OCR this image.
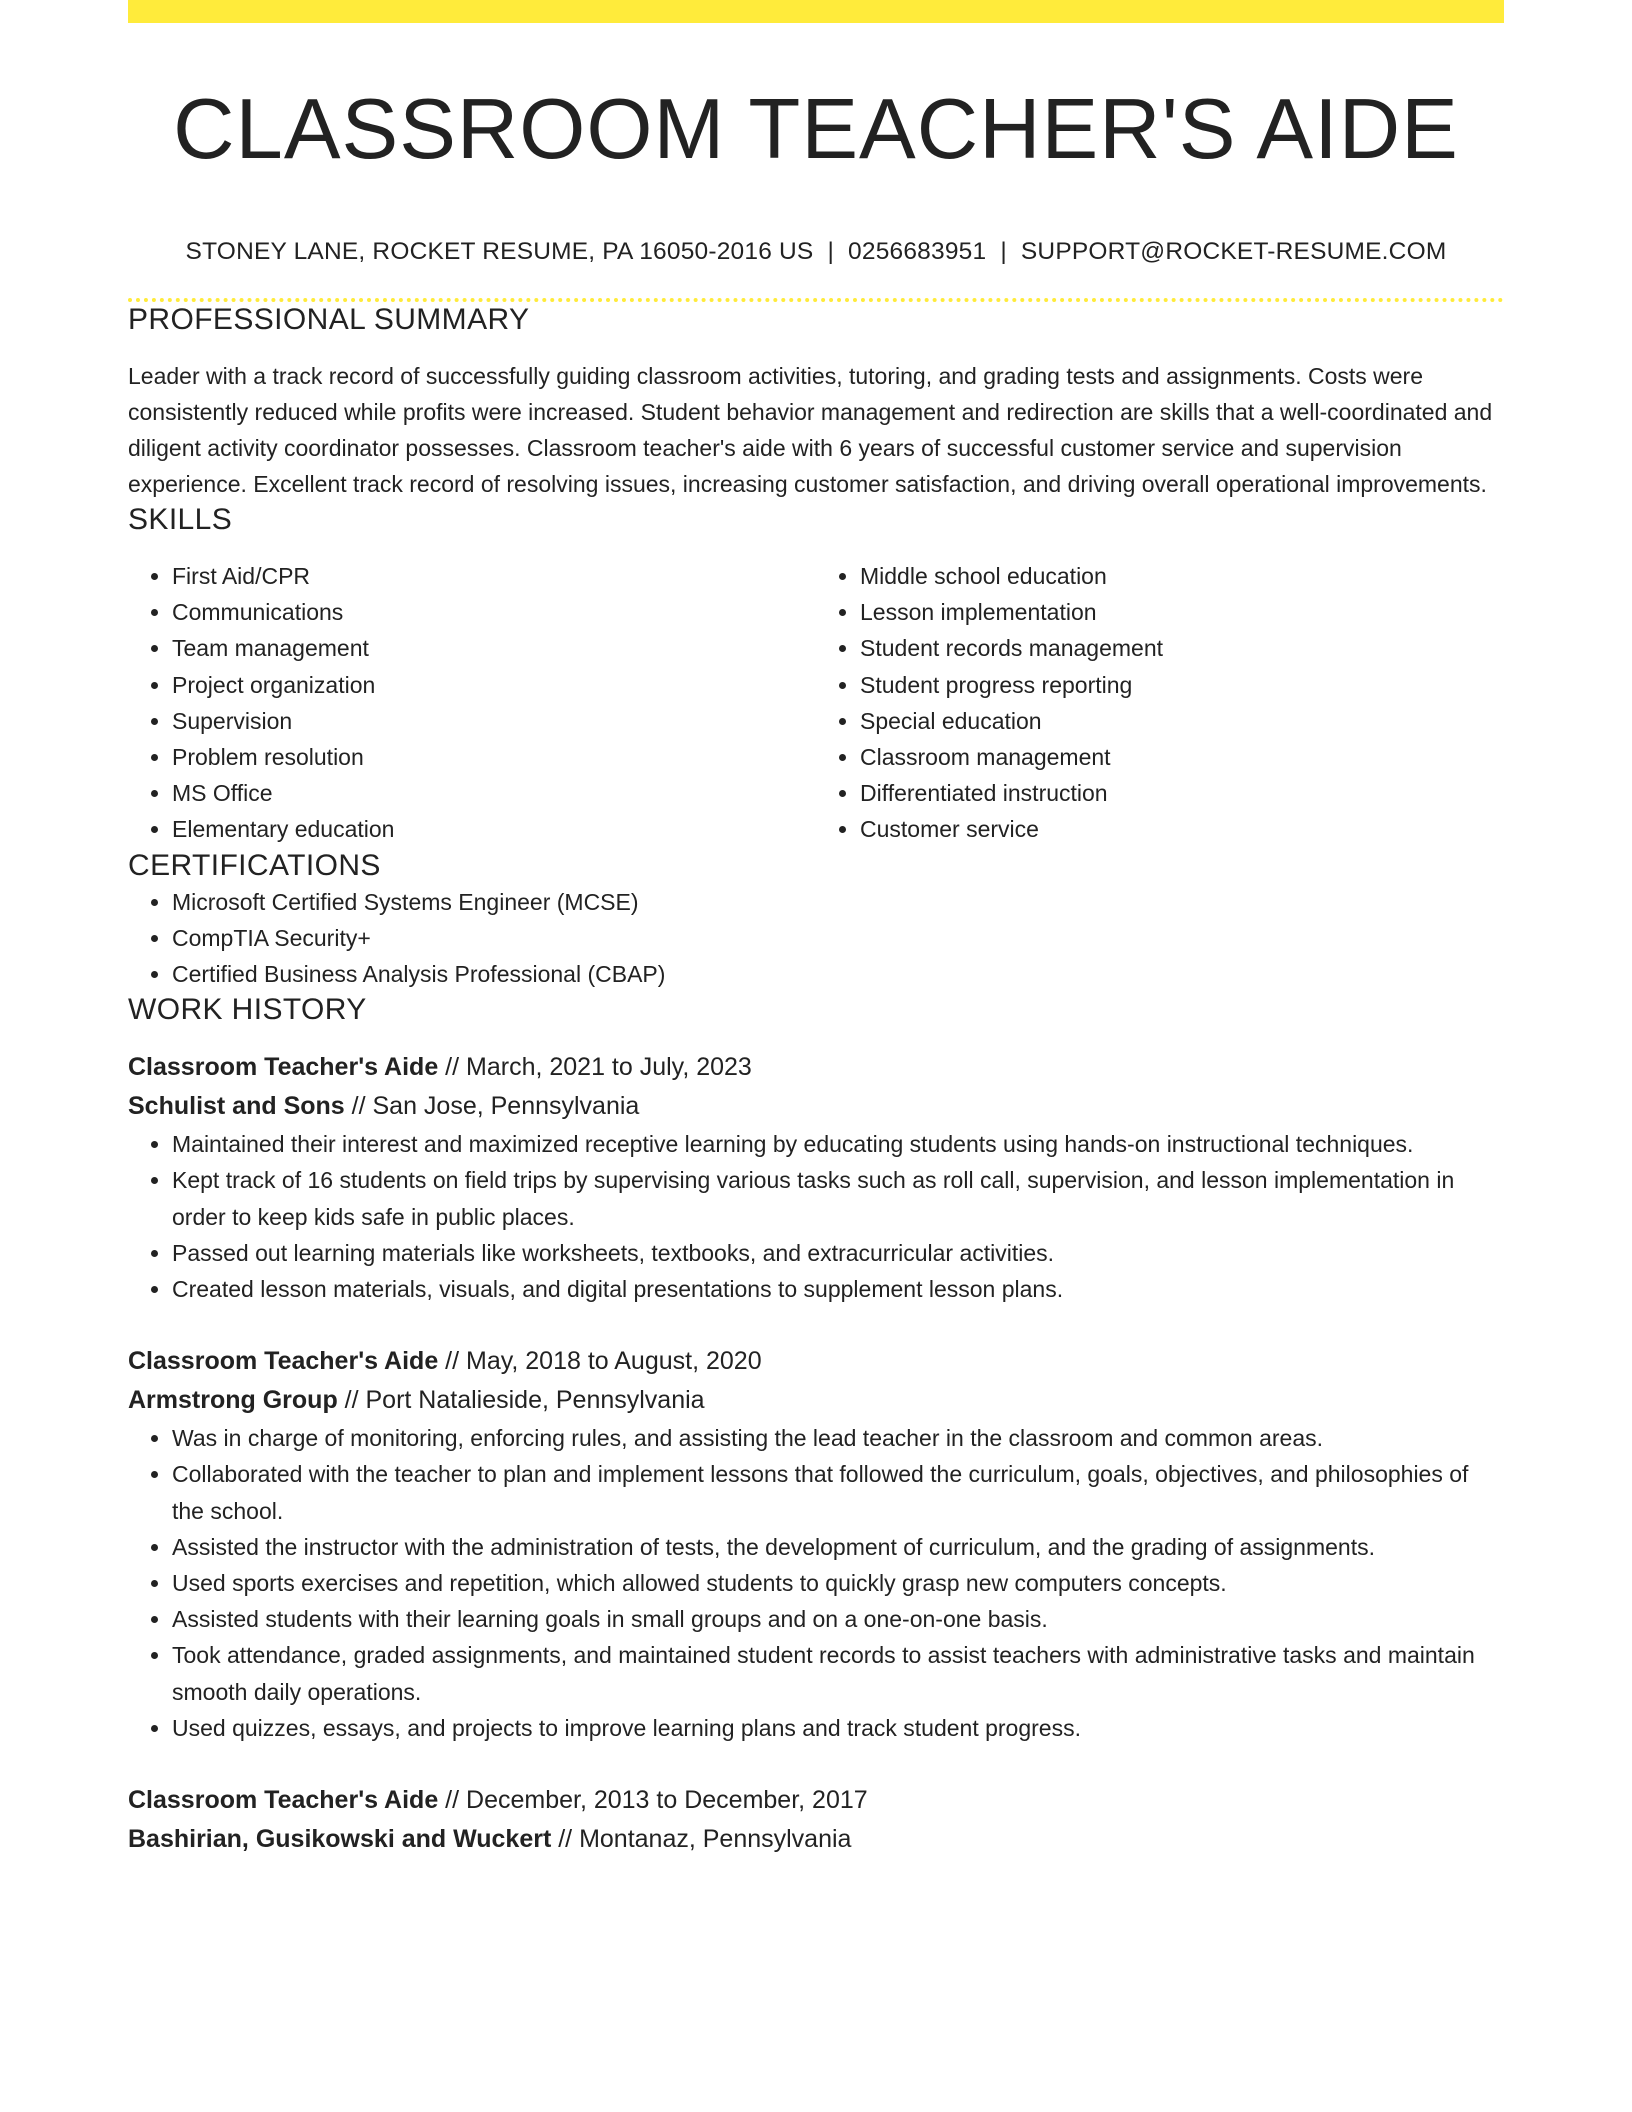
CLASSROOM TEACHER'S AIDE
STONEY LANE, ROCKET RESUME, PA 16050-2016 US | 0256683951 | SUPPORT@ROCKET-RESUME.COM
PROFESSIONAL SUMMARY

Leader with a track record of successfully guiding classroom activities, tutoring, and grading tests and assignments. Costs were consistently reduced while profits were increased. Student behavior management and redirection are skills that a well-coordinated and diligent activity coordinator possesses. Classroom teacher's aide with 6 years of successful customer service and supervision experience. Excellent track record of resolving issues, increasing customer satisfaction, and driving overall operational improvements.

SKILLS
• First Aid/CPR
• Communications
• Team management
• Project organization
• Supervision
• Problem resolution
• MS Office
• Elementary education
• Middle school education
• Lesson implementation
• Student records management
• Student progress reporting
• Special education
• Classroom management
• Differentiated instruction
• Customer service
CERTIFICATIONS
• Microsoft Certified Systems Engineer (MCSE)
• CompTIA Security+
• Certified Business Analysis Professional (CBAP)
WORK HISTORY
Classroom Teacher's Aide // March, 2021 to July, 2023
Schulist and Sons // San Jose, Pennsylvania
• Maintained their interest and maximized receptive learning by educating students using hands-on instructional techniques.
• Kept track of 16 students on field trips by supervising various tasks such as roll call, supervision, and lesson implementation in order to keep kids safe in public places.
• Passed out learning materials like worksheets, textbooks, and extracurricular activities.
• Created lesson materials, visuals, and digital presentations to supplement lesson plans.
Classroom Teacher's Aide // May, 2018 to August, 2020
Armstrong Group // Port Natalieside, Pennsylvania
• Was in charge of monitoring, enforcing rules, and assisting the lead teacher in the classroom and common areas.
• Collaborated with the teacher to plan and implement lessons that followed the curriculum, goals, objectives, and philosophies of the school.
• Assisted the instructor with the administration of tests, the development of curriculum, and the grading of assignments.
• Used sports exercises and repetition, which allowed students to quickly grasp new computers concepts.
• Assisted students with their learning goals in small groups and on a one-on-one basis.
• Took attendance, graded assignments, and maintained student records to assist teachers with administrative tasks and maintain smooth daily operations.
• Used quizzes, essays, and projects to improve learning plans and track student progress.
Classroom Teacher's Aide // December, 2013 to December, 2017
Bashirian, Gusikowski and Wuckert // Montanaz, Pennsylvania
